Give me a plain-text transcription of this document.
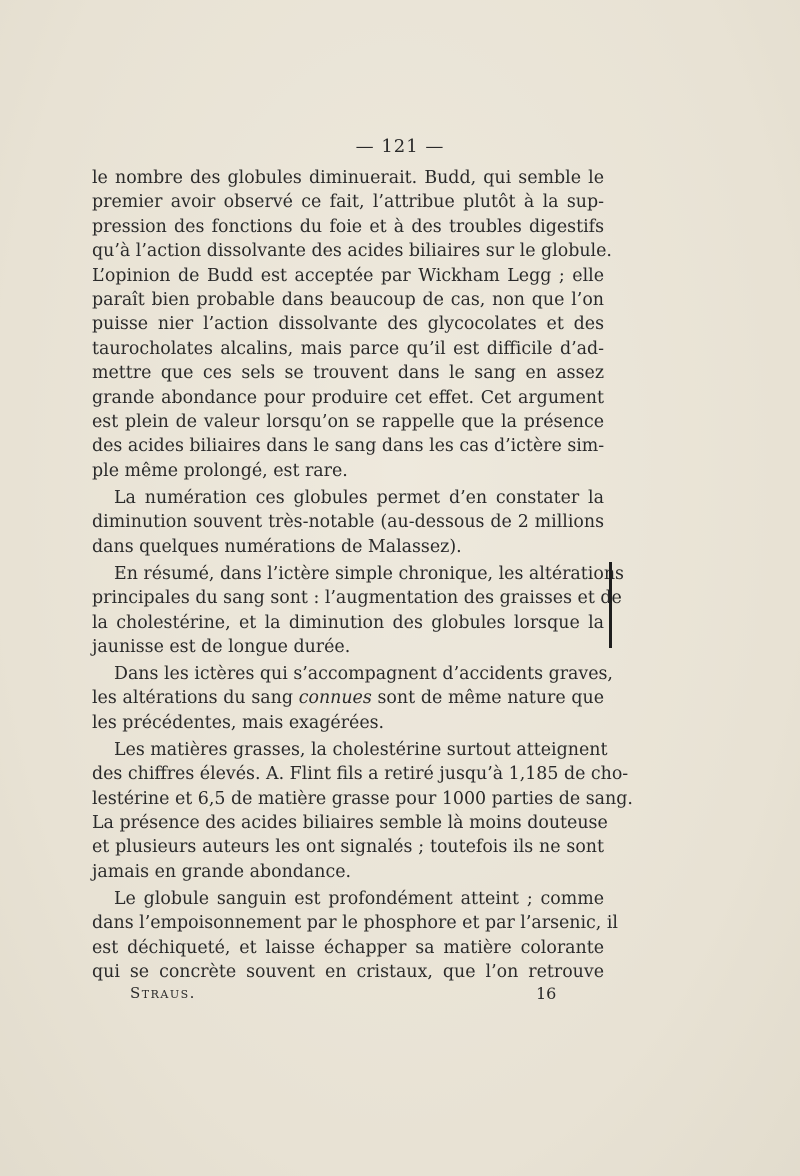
— 121 —
le nombre des globules diminuerait. Budd, qui semble le
premier avoir observé ce fait, l’attribue plutôt à la sup-
pression des fonctions du foie et à des troubles digestifs
qu’à l’action dissolvante des acides biliaires sur le globule.
L’opinion de Budd est acceptée par Wickham Legg ; elle
paraît bien probable dans beaucoup de cas, non que l’on
puisse nier l’action dissolvante des glycocolates et des
taurocholates alcalins, mais parce qu’il est difficile d’ad-
mettre que ces sels se trouvent dans le sang en assez
grande abondance pour produire cet effet. Cet argument
est plein de valeur lorsqu’on se rappelle que la présence
des acides biliaires dans le sang dans les cas d’ictère sim-
ple même prolongé, est rare.
La numération ces globules permet d’en constater la
diminution souvent très-notable (au-dessous de 2 millions
dans quelques numérations de Malassez).
En résumé, dans l’ictère simple chronique, les altérations
principales du sang sont : l’augmentation des graisses et de
la cholestérine, et la diminution des globules lorsque la
jaunisse est de longue durée.
Dans les ictères qui s’accompagnent d’accidents graves,
les altérations du sang connues sont de même nature que
les précédentes, mais exagérées.
Les matières grasses, la cholestérine surtout atteignent
des chiffres élevés. A. Flint fils a retiré jusqu’à 1,185 de cho-
lestérine et 6,5 de matière grasse pour 1000 parties de sang.
La présence des acides biliaires semble là moins douteuse
et plusieurs auteurs les ont signalés ; toutefois ils ne sont
jamais en grande abondance.
Le globule sanguin est profondément atteint ; comme
dans l’empoisonnement par le phosphore et par l’arsenic, il
est déchiqueté, et laisse échapper sa matière colorante
qui se concrète souvent en cristaux, que l’on retrouve
Straus.	16
